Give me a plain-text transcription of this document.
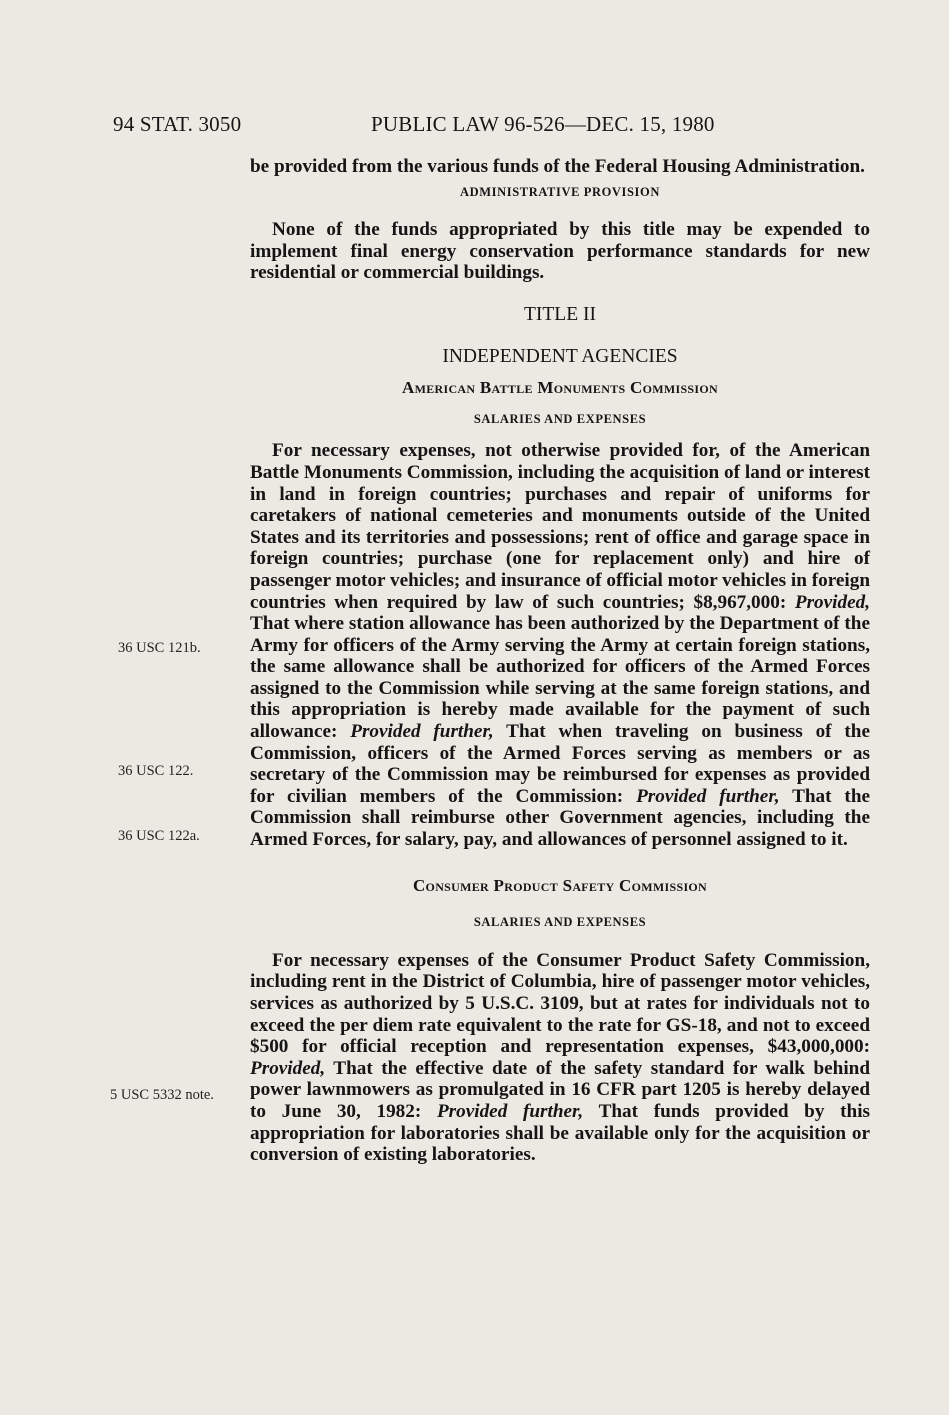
94 STAT. 3050	PUBLIC LAW 96-526—DEC. 15, 1980
36 USC 121b.
36 USC 122.
36 USC 122a.
5 USC 5332 note.

be provided from the various funds of the Federal Housing Administration.

ADMINISTRATIVE PROVISION

None of the funds appropriated by this title may be expended to implement final energy conservation performance standards for new residential or commercial buildings.

TITLE II

INDEPENDENT AGENCIES

American Battle Monuments Commission

SALARIES AND EXPENSES

For necessary expenses, not otherwise provided for, of the American Battle Monuments Commission, including the acquisition of land or interest in land in foreign countries; purchases and repair of uniforms for caretakers of national cemeteries and monuments outside of the United States and its territories and possessions; rent of office and garage space in foreign countries; purchase (one for replacement only) and hire of passenger motor vehicles; and insurance of official motor vehicles in foreign countries when required by law of such countries; $8,967,000: Provided, That where station allowance has been authorized by the Department of the Army for officers of the Army serving the Army at certain foreign stations, the same allowance shall be authorized for officers of the Armed Forces assigned to the Commission while serving at the same foreign stations, and this appropriation is hereby made available for the payment of such allowance: Provided further, That when traveling on business of the Commission, officers of the Armed Forces serving as members or as secretary of the Commission may be reimbursed for expenses as provided for civilian members of the Commission: Provided further, That the Commission shall reimburse other Government agencies, including the Armed Forces, for salary, pay, and allowances of personnel assigned to it.

Consumer Product Safety Commission

SALARIES AND EXPENSES

For necessary expenses of the Consumer Product Safety Commission, including rent in the District of Columbia, hire of passenger motor vehicles, services as authorized by 5 U.S.C. 3109, but at rates for individuals not to exceed the per diem rate equivalent to the rate for GS-18, and not to exceed $500 for official reception and representation expenses, $43,000,000: Provided, That the effective date of the safety standard for walk behind power lawnmowers as promulgated in 16 CFR part 1205 is hereby delayed to June 30, 1982: Provided further, That funds provided by this appropriation for laboratories shall be available only for the acquisition or conversion of existing laboratories.
